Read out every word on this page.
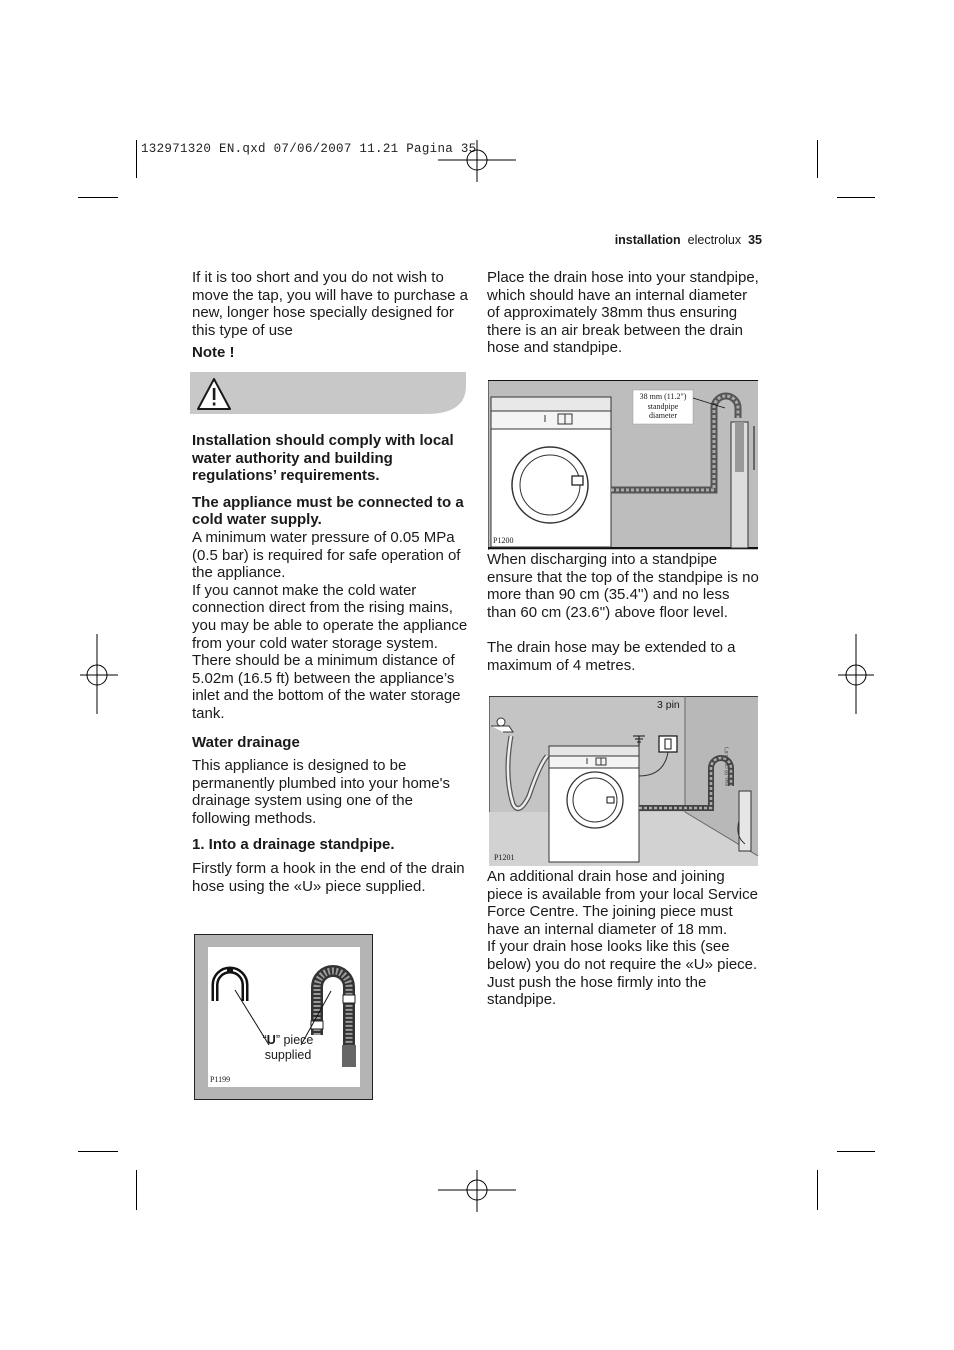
132971320 EN.qxd 07/06/2007 11.21 Pagina 35
installation electrolux 35

If it is too short and you do not wish to move the tap, you will have to purchase a new, longer hose specially designed for this type of use

Note !

Installation should comply with local water authority and building regulations’ requirements.

The appliance must be connected to a cold water supply.

A minimum water pressure of 0.05 MPa (0.5 bar) is required for safe operation of the appliance.

If you cannot make the cold water connection direct from the rising mains, you may be able to operate the appliance from your cold water storage system.

There should be a minimum distance of 5.02m (16.5 ft) between the appliance’s inlet and the bottom of the water storage tank.

Water drainage

This appliance is designed to be permanently plumbed into your home's drainage system using one of the following methods.

1. Into a drainage standpipe.

Firstly form a hook in the end of the drain hose using the «U» piece supplied.

“U” piece
supplied
P1199

Place the drain hose into your standpipe, which should have an internal diameter of approximately 38mm thus ensuring there is an air break between the drain hose and standpipe.

38 mm (11.2")
standpipe
diameter
P1200

When discharging into a standpipe ensure that the top of the standpipe is no more than 90 cm (35.4'') and no less than 60 cm (23.6'') above floor level.

The drain hose may be extended to a maximum of 4 metres.

3 pin
max. 60 cm (23.6")
P1201

An additional drain hose and joining piece is available from your local Service Force Centre. The joining piece must have an internal diameter of 18 mm.

If your drain hose looks like this (see below) you do not require the «U» piece. Just push the hose firmly into the standpipe.
